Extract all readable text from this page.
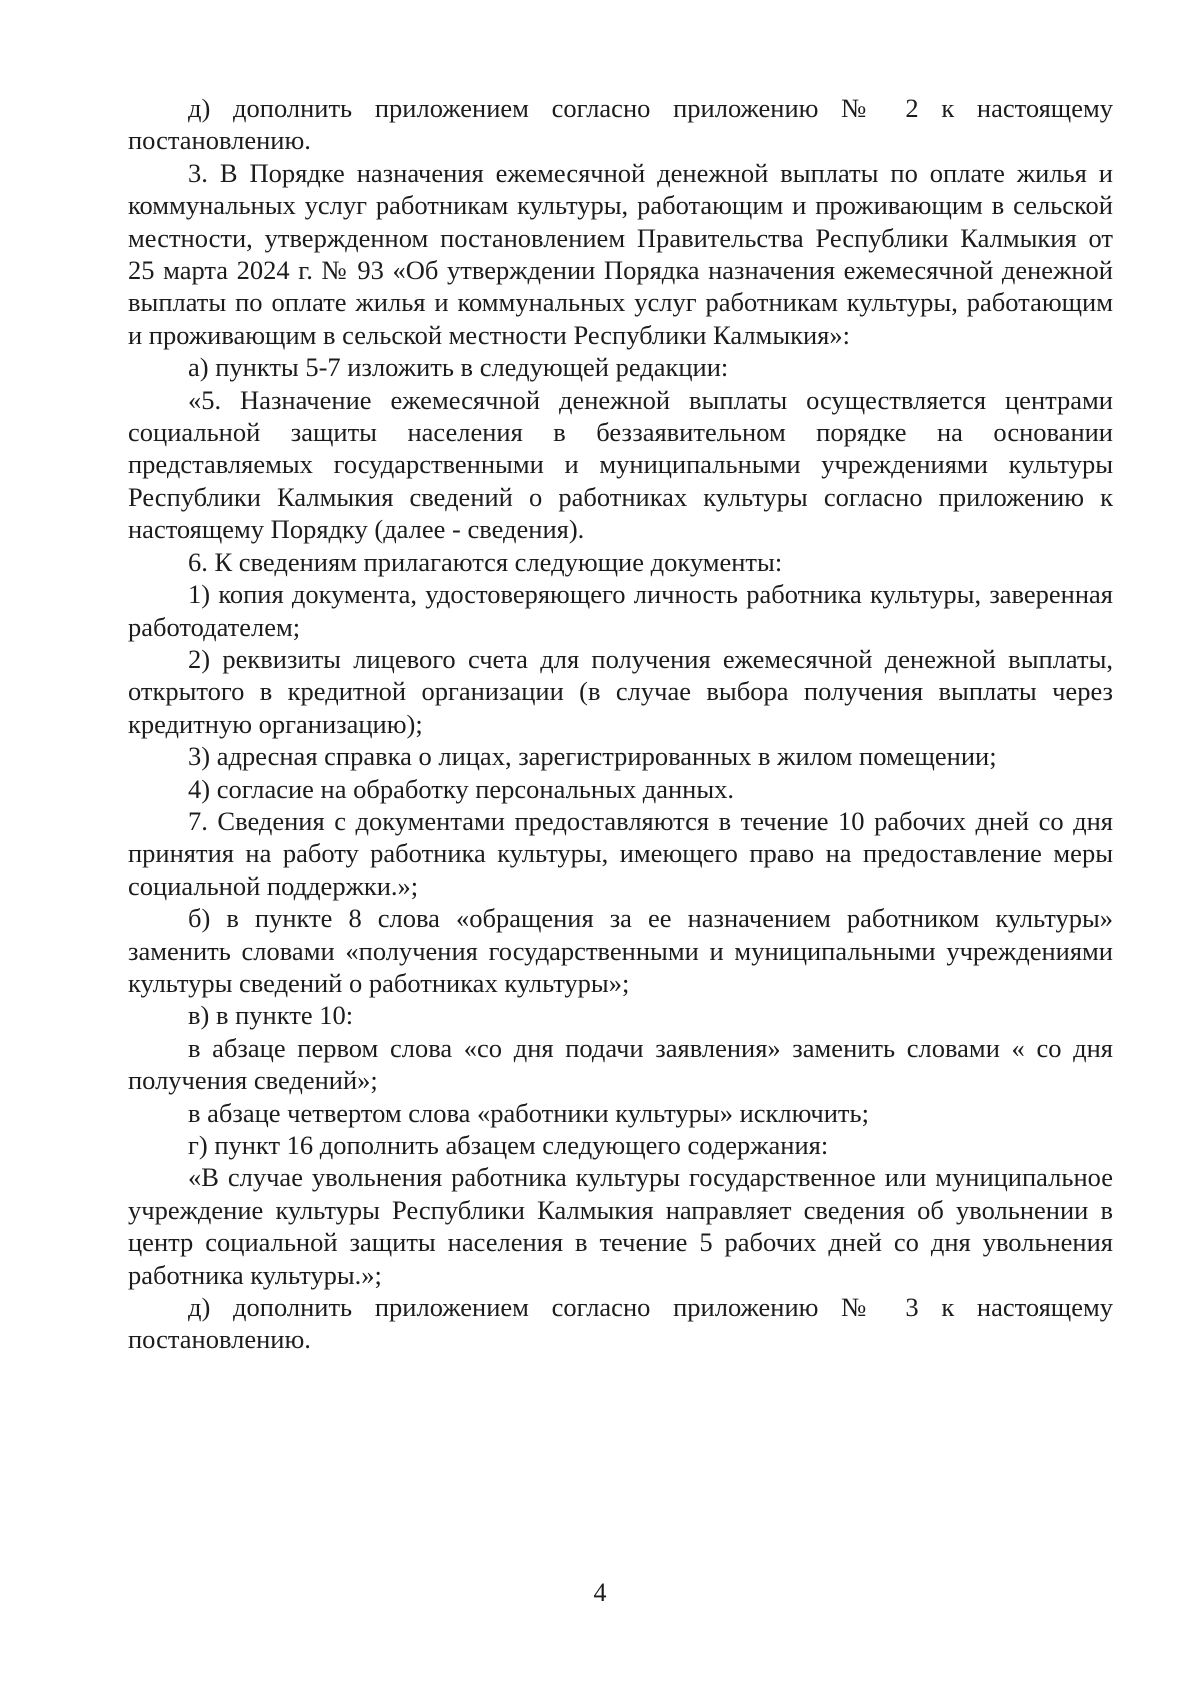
д) дополнить приложением согласно приложению № 2 к настоящему постановлению.

3. В Порядке назначения ежемесячной денежной выплаты по оплате жилья и коммунальных услуг работникам культуры, работающим и проживающим в сельской местности, утвержденном постановлением Правительства Республики Калмыкия от 25 марта 2024 г. № 93 «Об утверждении Порядка назначения ежемесячной денежной выплаты по оплате жилья и коммунальных услуг работникам культуры, работающим и проживающим в сельской местности Республики Калмыкия»:

а) пункты 5-7 изложить в следующей редакции:

«5. Назначение ежемесячной денежной выплаты осуществляется центрами социальной защиты населения в беззаявительном порядке на основании представляемых государственными и муниципальными учреждениями культуры Республики Калмыкия сведений о работниках культуры согласно приложению к настоящему Порядку (далее - сведения).

6. К сведениям прилагаются следующие документы:

1) копия документа, удостоверяющего личность работника культуры, заверенная работодателем;

2) реквизиты лицевого счета для получения ежемесячной денежной выплаты, открытого в кредитной организации (в случае выбора получения выплаты через кредитную организацию);

3) адресная справка о лицах, зарегистрированных в жилом помещении;

4) согласие на обработку персональных данных.

7. Сведения с документами предоставляются в течение 10 рабочих дней со дня принятия на работу работника культуры, имеющего право на предоставление меры социальной поддержки.»;

б) в пункте 8 слова «обращения за ее назначением работником культуры» заменить словами «получения государственными и муниципальными учреждениями культуры сведений о работниках культуры»;

в) в пункте 10:

в абзаце первом слова «со дня подачи заявления» заменить словами « со дня получения сведений»;

в абзаце четвертом слова «работники культуры» исключить;

г) пункт 16 дополнить абзацем следующего содержания:

«В случае увольнения работника культуры государственное или муниципальное учреждение культуры Республики Калмыкия направляет сведения об увольнении в центр социальной защиты населения в течение 5 рабочих дней со дня увольнения работника культуры.»;

д) дополнить приложением согласно приложению № 3 к настоящему постановлению.

4
